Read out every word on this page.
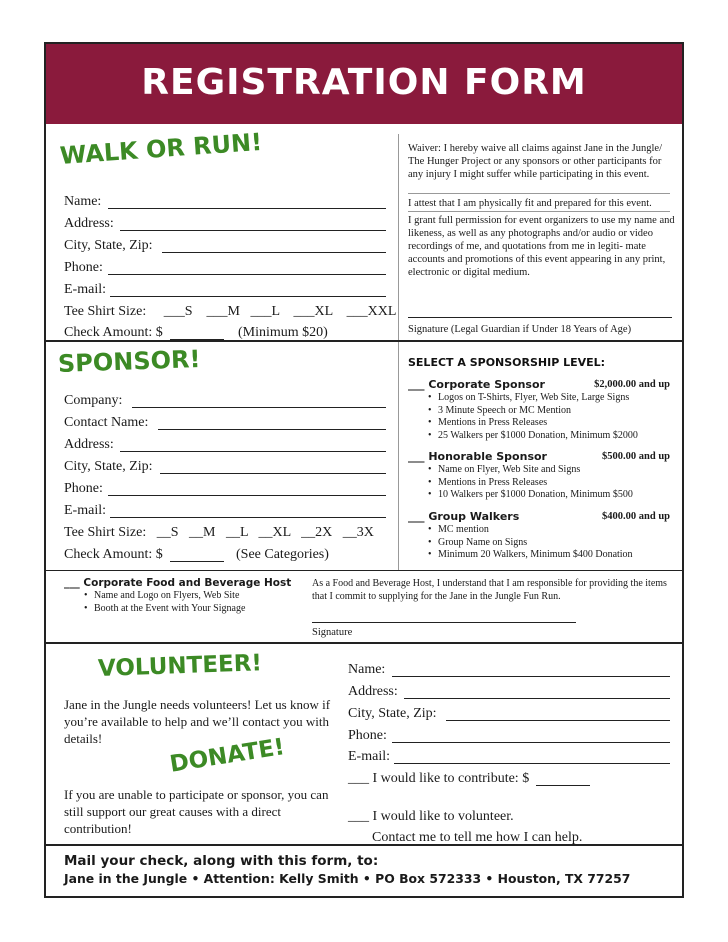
REGISTRATION FORM
WALK OR RUN!
Name:
Address:
City, State, Zip:
Phone:
E-mail:
Tee Shirt Size:     ___S    ___M   ___L    ___XL    ___XXL
Check Amount: $	(Minimum $20)
Waiver: I hereby waive all claims against Jane in the Jungle/ The Hunger Project or any sponsors or other participants for any injury I might suffer while participating in this event.
I attest that I am physically fit and prepared for this event.
I grant full permission for event organizers to use my name and likeness, as well as any photographs and/or audio or video recordings of me, and quotations from me in legiti- mate accounts and promotions of this event appearing in any print, electronic or digital medium.
Signature (Legal Guardian if Under 18 Years of Age)
SPONSOR!
Company:
Contact Name:
Address:
City, State, Zip:
Phone:
E-mail:
Tee Shirt Size:   __S   __M   __L   __XL   __2X   __3X
Check Amount: $	(See Categories)
SELECT A SPONSORSHIP LEVEL:
___ Corporate Sponsor	$2,000.00 and up
• Logos on T-Shirts, Flyer, Web Site, Large Signs
• 3 Minute Speech or MC Mention
• Mentions in Press Releases
• 25 Walkers per $1000 Donation, Minimum $2000
___ Honorable Sponsor	$500.00 and up
• Name on Flyer, Web Site and Signs
• Mentions in Press Releases
• 10 Walkers per $1000 Donation, Minimum $500
___ Group Walkers	$400.00 and up
• MC mention
• Group Name on Signs
• Minimum 20 Walkers, Minimum $400 Donation
___ Corporate Food and Beverage Host
• Name and Logo on Flyers, Web Site
• Booth at the Event with Your Signage
As a Food and Beverage Host, I understand that I am responsible for providing the items that I commit to supplying for the Jane in the Jungle Fun Run.
Signature
VOLUNTEER!
Jane in the Jungle needs volunteers! Let us know if you’re available to help and we’ll contact you with details!	DONATE!
If you are unable to participate or sponsor, you can still support our great causes with a direct contribution!
Name:
Address:
City, State, Zip:
Phone:
E-mail:
___ I would like to contribute: $
___ I would like to volunteer.
Contact me to tell me how I can help.
Mail your check, along with this form, to:
Jane in the Jungle • Attention: Kelly Smith • PO Box 572333 • Houston, TX 77257
